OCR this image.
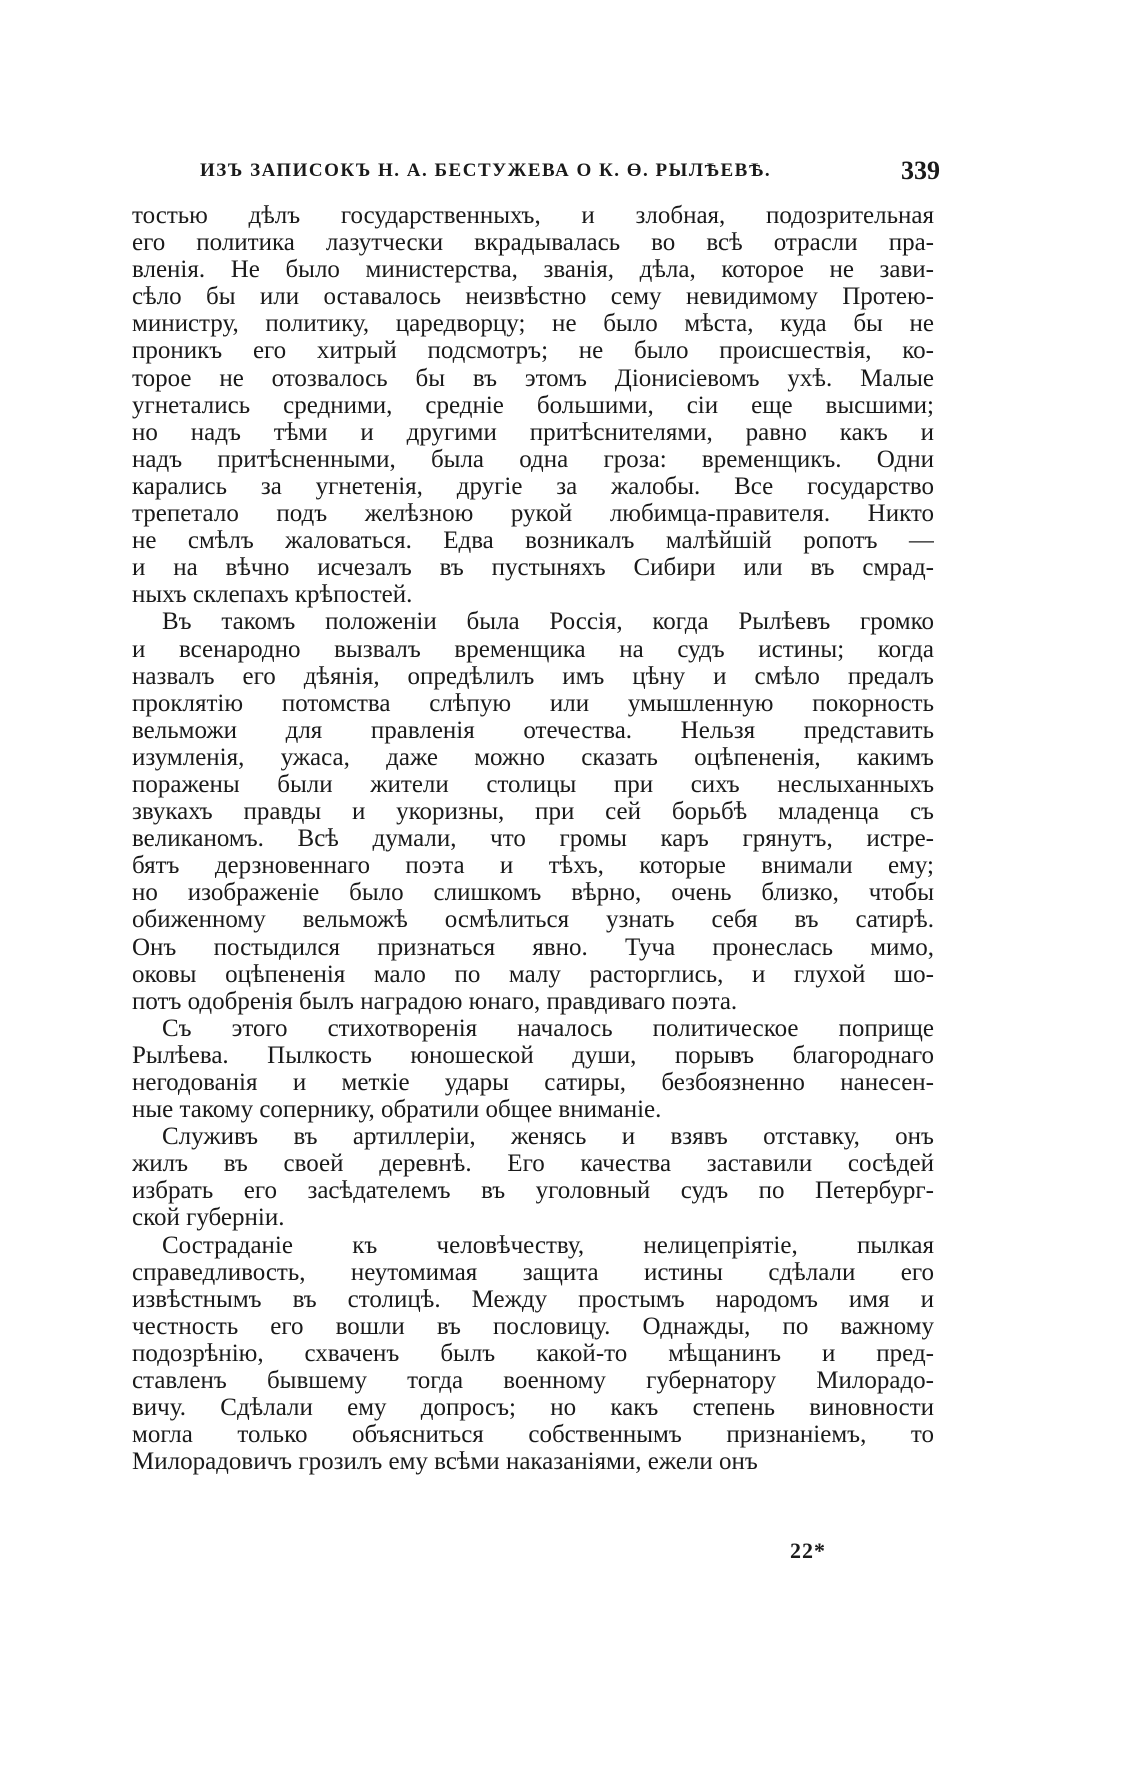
ИЗЪ ЗАПИСОКЪ Н. А. БЕСТУЖЕВА О К. Ө. РЫЛѢЕВѢ.	339
тостью дѣлъ государственныхъ, и злобная, подозрительная
его политика лазутчески вкрадывалась во всѣ отрасли пра-
вленія. Не было министерства, званія, дѣла, которое не зави-
сѣло бы или оставалось неизвѣстно сему невидимому Протею-
министру, политику, царедворцу; не было мѣста, куда бы не
проникъ его хитрый подсмотръ; не было происшествія, ко-
торое не отозвалось бы въ этомъ Діонисіевомъ ухѣ. Малые
угнетались средними, средніе большими, сіи еще высшими;
но надъ тѣми и другими притѣснителями, равно какъ и
надъ притѣсненными, была одна гроза: временщикъ. Одни
карались за угнетенія, другіе за жалобы. Все государство
трепетало подъ желѣзною рукой любимца-правителя. Никто
не смѣлъ жаловаться. Едва возникалъ малѣйшій ропотъ —
и на вѣчно исчезалъ въ пустыняхъ Сибири или въ смрад-
ныхъ склепахъ крѣпостей.
Въ такомъ положеніи была Россія, когда Рылѣевъ громко
и всенародно вызвалъ временщика на судъ истины; когда
назвалъ его дѣянія, опредѣлилъ имъ цѣну и смѣло предалъ
проклятію потомства слѣпую или умышленную покорность
вельможи для правленія отечества. Нельзя представить
изумленія, ужаса, даже можно сказать оцѣпененія, какимъ
поражены были жители столицы при сихъ неслыханныхъ
звукахъ правды и укоризны, при сей борьбѣ младенца съ
великаномъ. Всѣ думали, что громы каръ грянутъ, истре-
бятъ дерзновеннаго поэта и тѣхъ, которые внимали ему;
но изображеніе было слишкомъ вѣрно, очень близко, чтобы
обиженному вельможѣ осмѣлиться узнать себя въ сатирѣ.
Онъ постыдился признаться явно. Туча пронеслась мимо,
оковы оцѣпененія мало по малу расторглись, и глухой шо-
потъ одобренія былъ наградою юнаго, правдиваго поэта.
Съ этого стихотворенія началось политическое поприще
Рылѣева. Пылкость юношеской души, порывъ благороднаго
негодованія и меткіе удары сатиры, безбоязненно нанесен-
ные такому сопернику, обратили общее вниманіе.
Служивъ въ артиллеріи, женясь и взявъ отставку, онъ
жилъ въ своей деревнѣ. Его качества заставили сосѣдей
избрать его засѣдателемъ въ уголовный судъ по Петербург-
ской губерніи.
Состраданіе къ человѣчеству, нелицепріятіе, пылкая
справедливость, неутомимая защита истины сдѣлали его
извѣстнымъ въ столицѣ. Между простымъ народомъ имя и
честность его вошли въ пословицу. Однажды, по важному
подозрѣнію, схваченъ былъ какой-то мѣщанинъ и пред-
ставленъ бывшему тогда военному губернатору Милорадо-
вичу. Сдѣлали ему допросъ; но какъ степень виновности
могла только объясниться собственнымъ признаніемъ, то
Милорадовичъ грозилъ ему всѣми наказаніями, ежели онъ
22*
